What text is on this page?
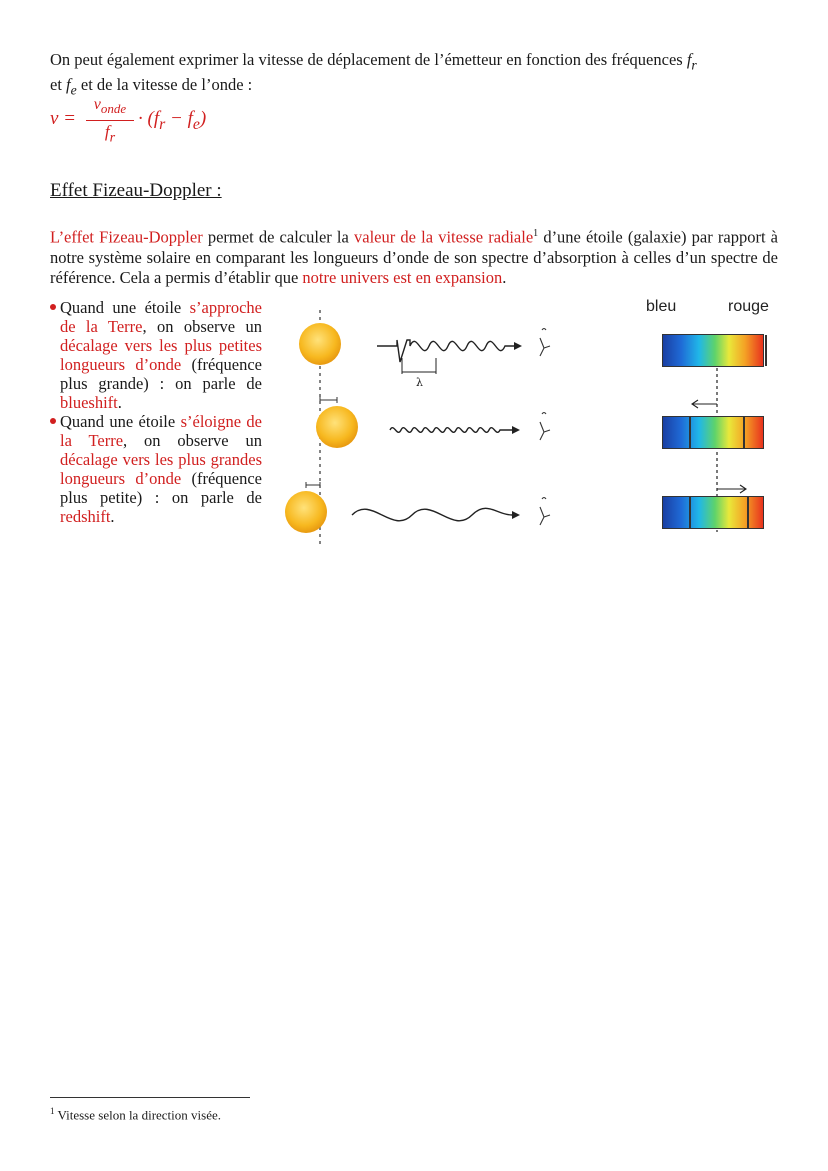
On peut également exprimer la vitesse de déplacement de l’émetteur en fonction des fréquences $f_r$
et $f_e$ et de la vitesse de l’onde :
v =
$v_{onde}$
$f_r$
· $(f_r - f_e)$
Effet Fizeau-Doppler :
L’effet Fizeau-Doppler permet de calculer la valeur de la vitesse radiale$^1$ d’une étoile (galaxie) par rapport à notre système solaire en comparant les longueurs d’onde de son spectre d’absorption à celles d’un spectre de référence. Cela a permis d’établir que notre univers est en expansion.
Quand une étoile s’approche de la Terre, on observe un décalage vers les plus petites longueurs d’onde (fréquence plus grande) : on parle de blueshift.
Quand une étoile s’éloigne de la Terre, on observe un décalage vers les plus grandes longueurs d’onde (fréquence plus petite) : on parle de redshift.
λ
bleu	rouge
$^1$ Vitesse selon la direction visée.
